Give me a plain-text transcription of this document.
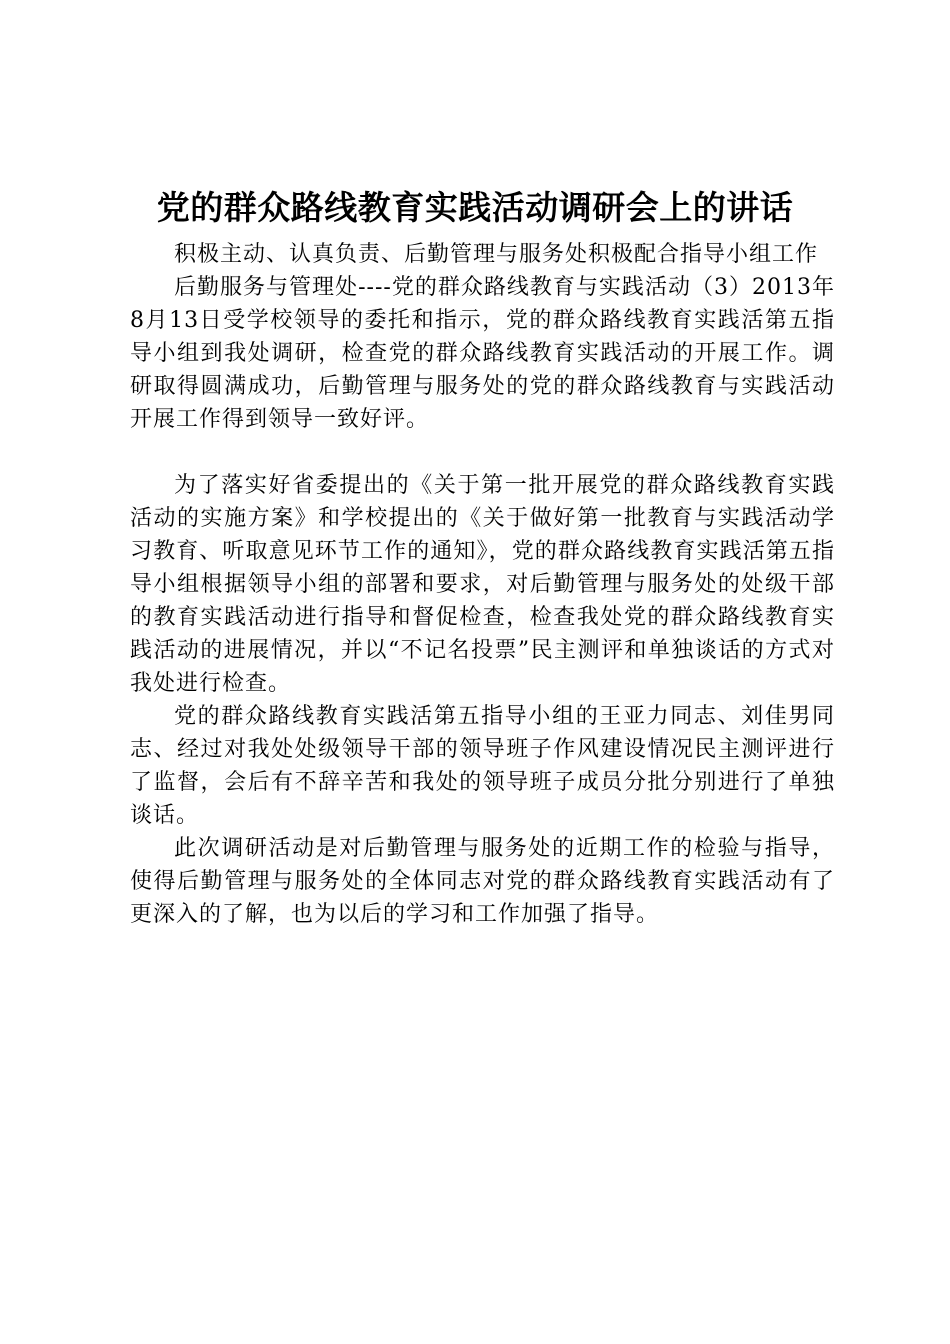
党的群众路线教育实践活动调研会上的讲话

积极主动、认真负责、后勤管理与服务处积极配合指导小组工作

后勤服务与管理处----党的群众路线教育与实践活动（3）2013年8月13日受学校领导的委托和指示，党的群众路线教育实践活第五指导小组到我处调研，检查党的群众路线教育实践活动的开展工作。调研取得圆满成功，后勤管理与服务处的党的群众路线教育与实践活动开展工作得到领导一致好评。

为了落实好省委提出的《关于第一批开展党的群众路线教育实践活动的实施方案》和学校提出的《关于做好第一批教育与实践活动学习教育、听取意见环节工作的通知》，党的群众路线教育实践活第五指导小组根据领导小组的部署和要求，对后勤管理与服务处的处级干部的教育实践活动进行指导和督促检查，检查我处党的群众路线教育实践活动的进展情况，并以“不记名投票”民主测评和单独谈话的方式对我处进行检查。

党的群众路线教育实践活第五指导小组的王亚力同志、刘佳男同志、经过对我处处级领导干部的领导班子作风建设情况民主测评进行了监督，会后有不辞辛苦和我处的领导班子成员分批分别进行了单独谈话。

此次调研活动是对后勤管理与服务处的近期工作的检验与指导，使得后勤管理与服务处的全体同志对党的群众路线教育实践活动有了更深入的了解，也为以后的学习和工作加强了指导。
